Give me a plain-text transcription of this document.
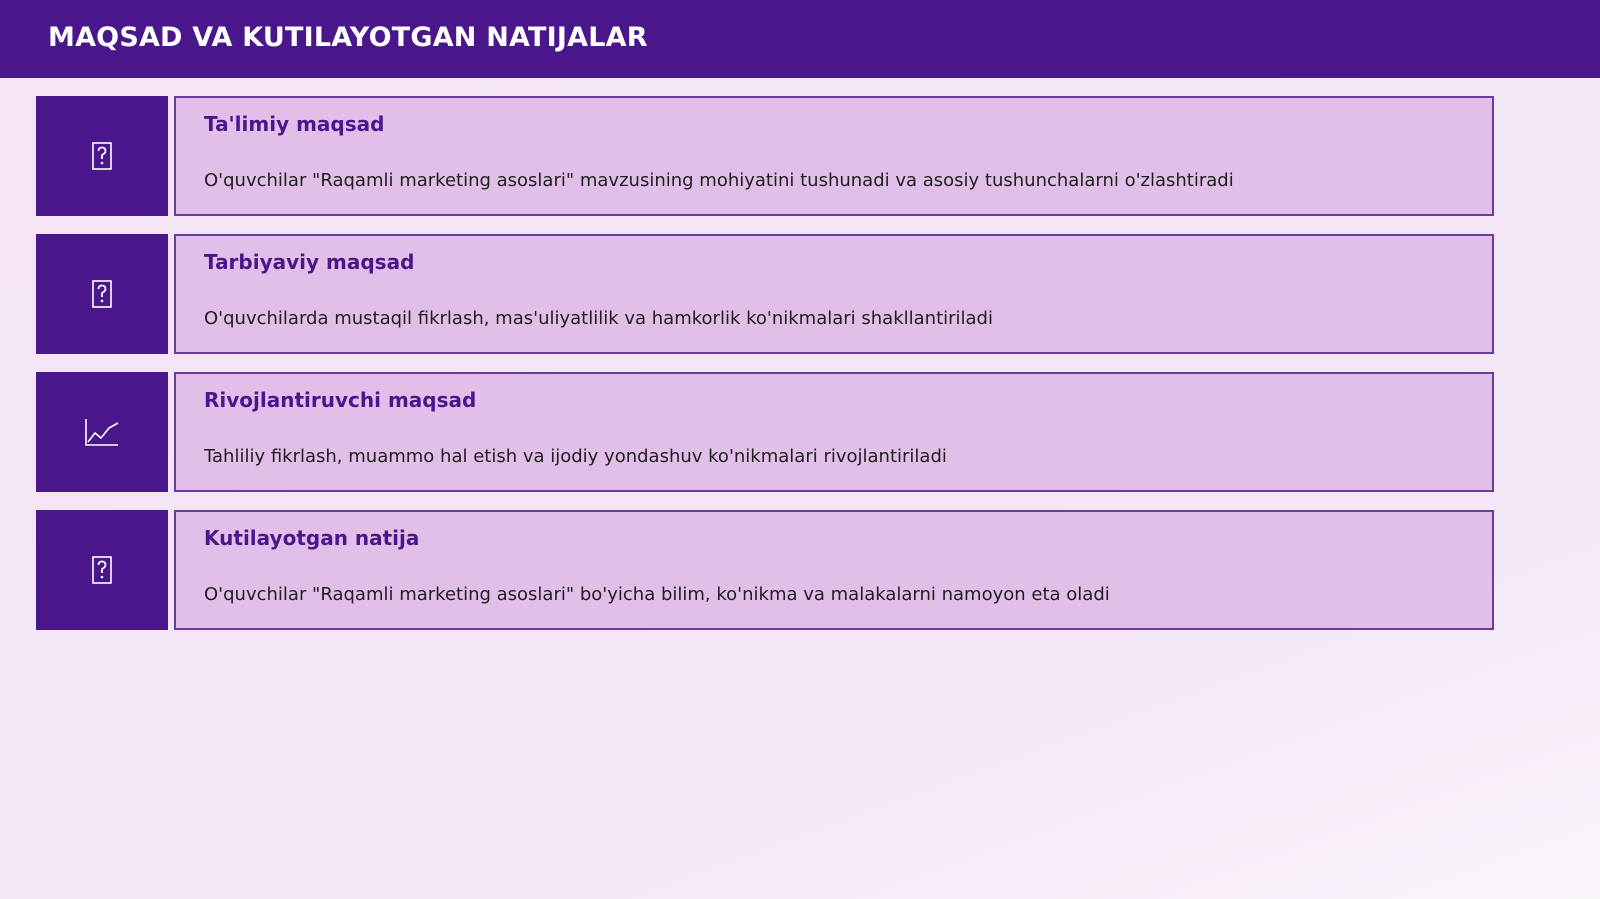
MAQSAD VA KUTILAYOTGAN NATIJALAR
Ta'limiy maqsad
O'quvchilar "Raqamli marketing asoslari" mavzusining mohiyatini tushunadi va asosiy tushunchalarni o'zlashtiradi
Tarbiyaviy maqsad
O'quvchilarda mustaqil fikrlash, mas'uliyatlilik va hamkorlik ko'nikmalari shakllantiriladi
Rivojlantiruvchi maqsad
Tahliliy fikrlash, muammo hal etish va ijodiy yondashuv ko'nikmalari rivojlantiriladi
Kutilayotgan natija
O'quvchilar "Raqamli marketing asoslari" bo'yicha bilim, ko'nikma va malakalarni namoyon eta oladi
